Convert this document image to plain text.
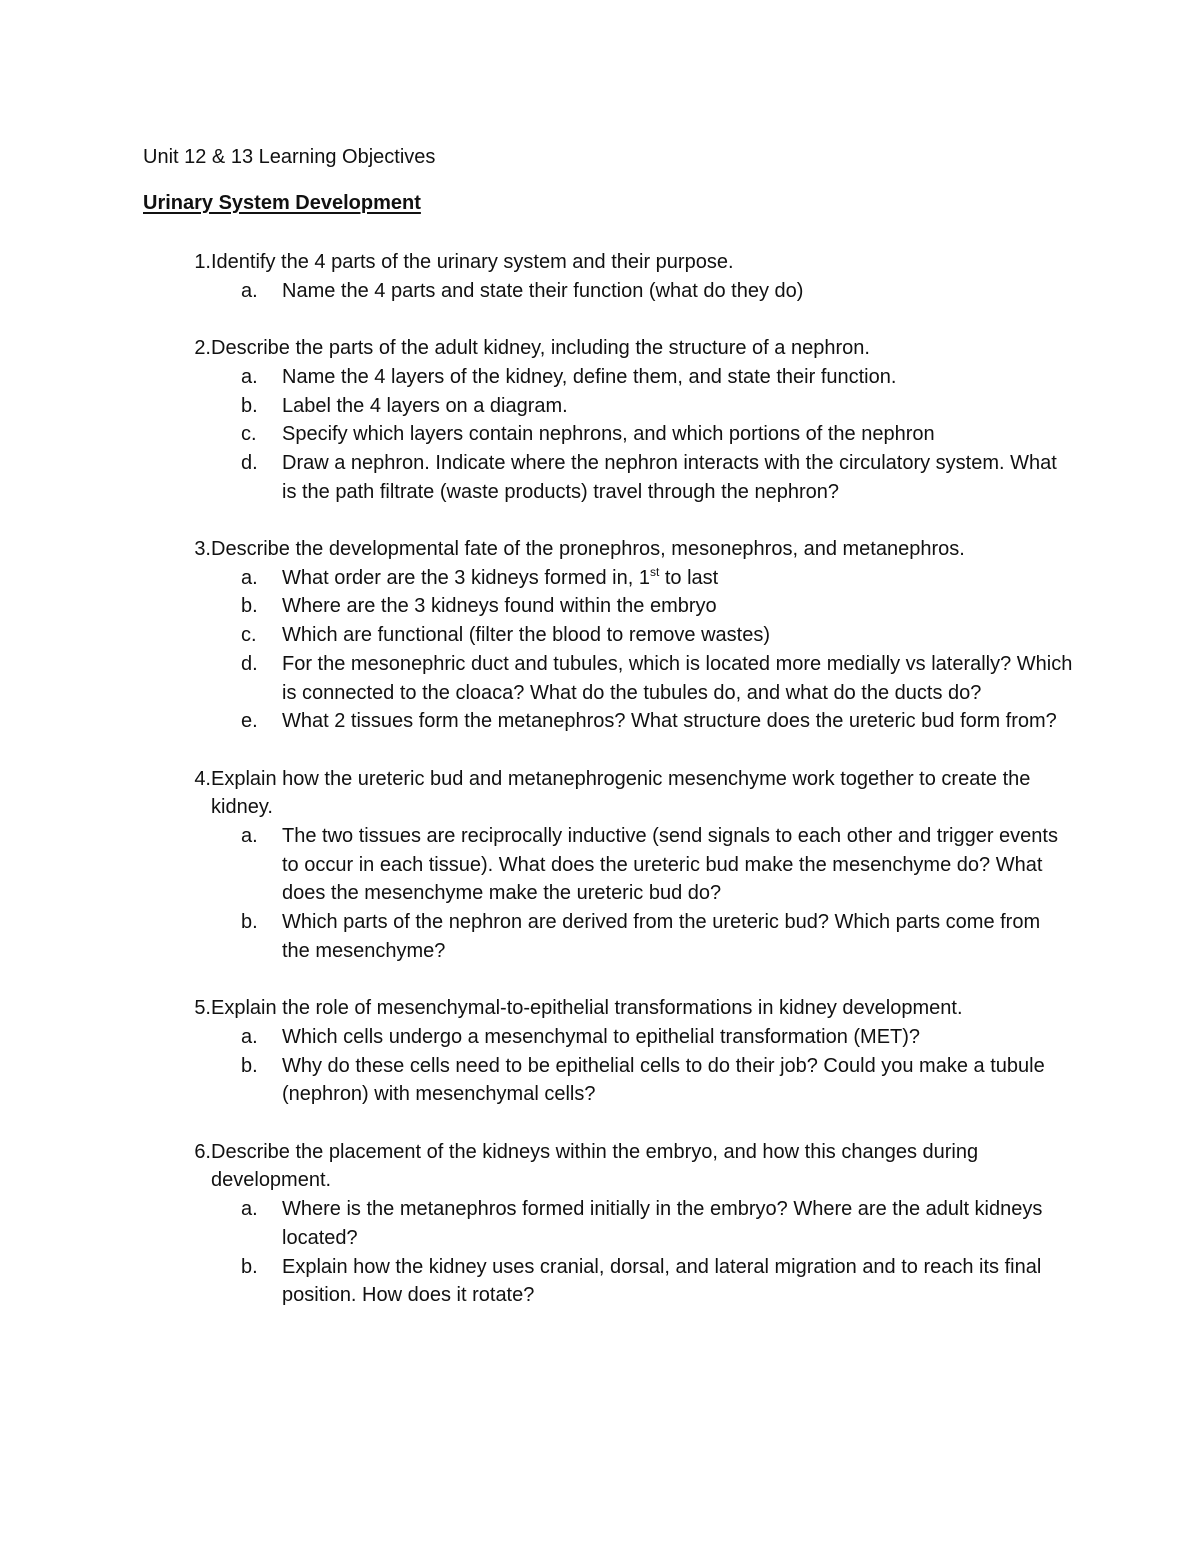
Unit 12 & 13 Learning Objectives
Urinary System Development
1. Identify the 4 parts of the urinary system and their purpose.
a.	Name the 4 parts and state their function (what do they do)
2. Describe the parts of the adult kidney, including the structure of a nephron.
a.	Name the 4 layers of the kidney, define them, and state their function.
b.	Label the 4 layers on a diagram.
c.	Specify which layers contain nephrons, and which portions of the nephron
d.	Draw a nephron. Indicate where the nephron interacts with the circulatory system. What is the path filtrate (waste products) travel through the nephron?
3. Describe the developmental fate of the pronephros, mesonephros, and metanephros.
a.	What order are the 3 kidneys formed in, 1st to last
b.	Where are the 3 kidneys found within the embryo
c.	Which are functional (filter the blood to remove wastes)
d.	For the mesonephric duct and tubules, which is located more medially vs laterally? Which is connected to the cloaca? What do the tubules do, and what do the ducts do?
e.	What 2 tissues form the metanephros? What structure does the ureteric bud form from?
4. Explain how the ureteric bud and metanephrogenic mesenchyme work together to create the kidney.
a.	The two tissues are reciprocally inductive (send signals to each other and trigger events to occur in each tissue). What does the ureteric bud make the mesenchyme do? What does the mesenchyme make the ureteric bud do?
b.	Which parts of the nephron are derived from the ureteric bud? Which parts come from the mesenchyme?
5. Explain the role of mesenchymal-to-epithelial transformations in kidney development.
a.	Which cells undergo a mesenchymal to epithelial transformation (MET)?
b.	Why do these cells need to be epithelial cells to do their job? Could you make a tubule (nephron) with mesenchymal cells?
6. Describe the placement of the kidneys within the embryo, and how this changes during development.
a.	Where is the metanephros formed initially in the embryo? Where are the adult kidneys located?
b.	Explain how the kidney uses cranial, dorsal, and lateral migration and to reach its final position. How does it rotate?
